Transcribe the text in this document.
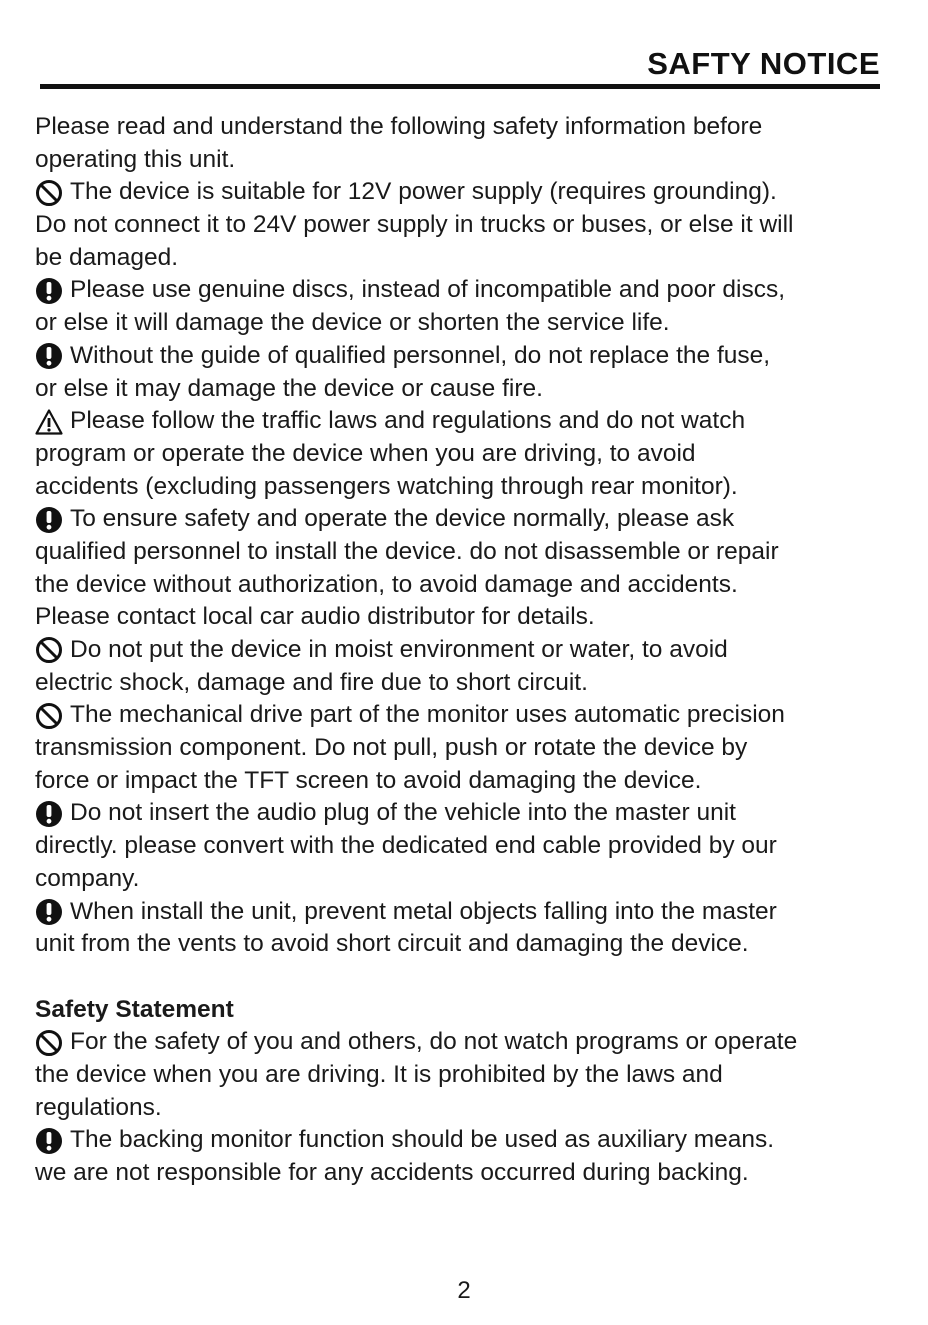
SAFTY NOTICE
Please read and understand the following safety information before
operating this unit.
The device is suitable for 12V power supply (requires grounding).
Do not connect it to 24V power supply in trucks or buses, or else it will
be damaged.
Please use genuine discs, instead of incompatible and poor discs,
or else it will damage the device or shorten the service life.
Without the guide of qualified personnel, do not replace the fuse,
or else it may damage the device or cause fire.
Please follow the traffic laws and regulations and do not watch
program or operate the device when you are driving, to avoid
accidents (excluding passengers watching through rear monitor).
To ensure safety and operate the device normally, please ask
qualified personnel to install the device. do not disassemble or repair
the device without authorization, to avoid damage and accidents.
Please contact local car audio distributor for details.
Do not put the device in moist environment or water, to avoid
electric shock, damage and fire due to short circuit.
The mechanical drive part of the monitor uses automatic precision
transmission component. Do not pull, push or rotate the device by
force or impact the TFT screen to avoid damaging the device.
Do not insert the audio plug of the vehicle into the master unit
directly. please convert with the dedicated end cable provided by our
company.
When install the unit, prevent metal objects falling into the master
unit from the vents to avoid short circuit and damaging the device.
Safety Statement
For the safety of you and others, do not watch programs or operate
the device when you are driving. It is prohibited by the laws and
regulations.
The backing monitor function should be used as auxiliary means.
we are not responsible for any accidents occurred during backing.
2
